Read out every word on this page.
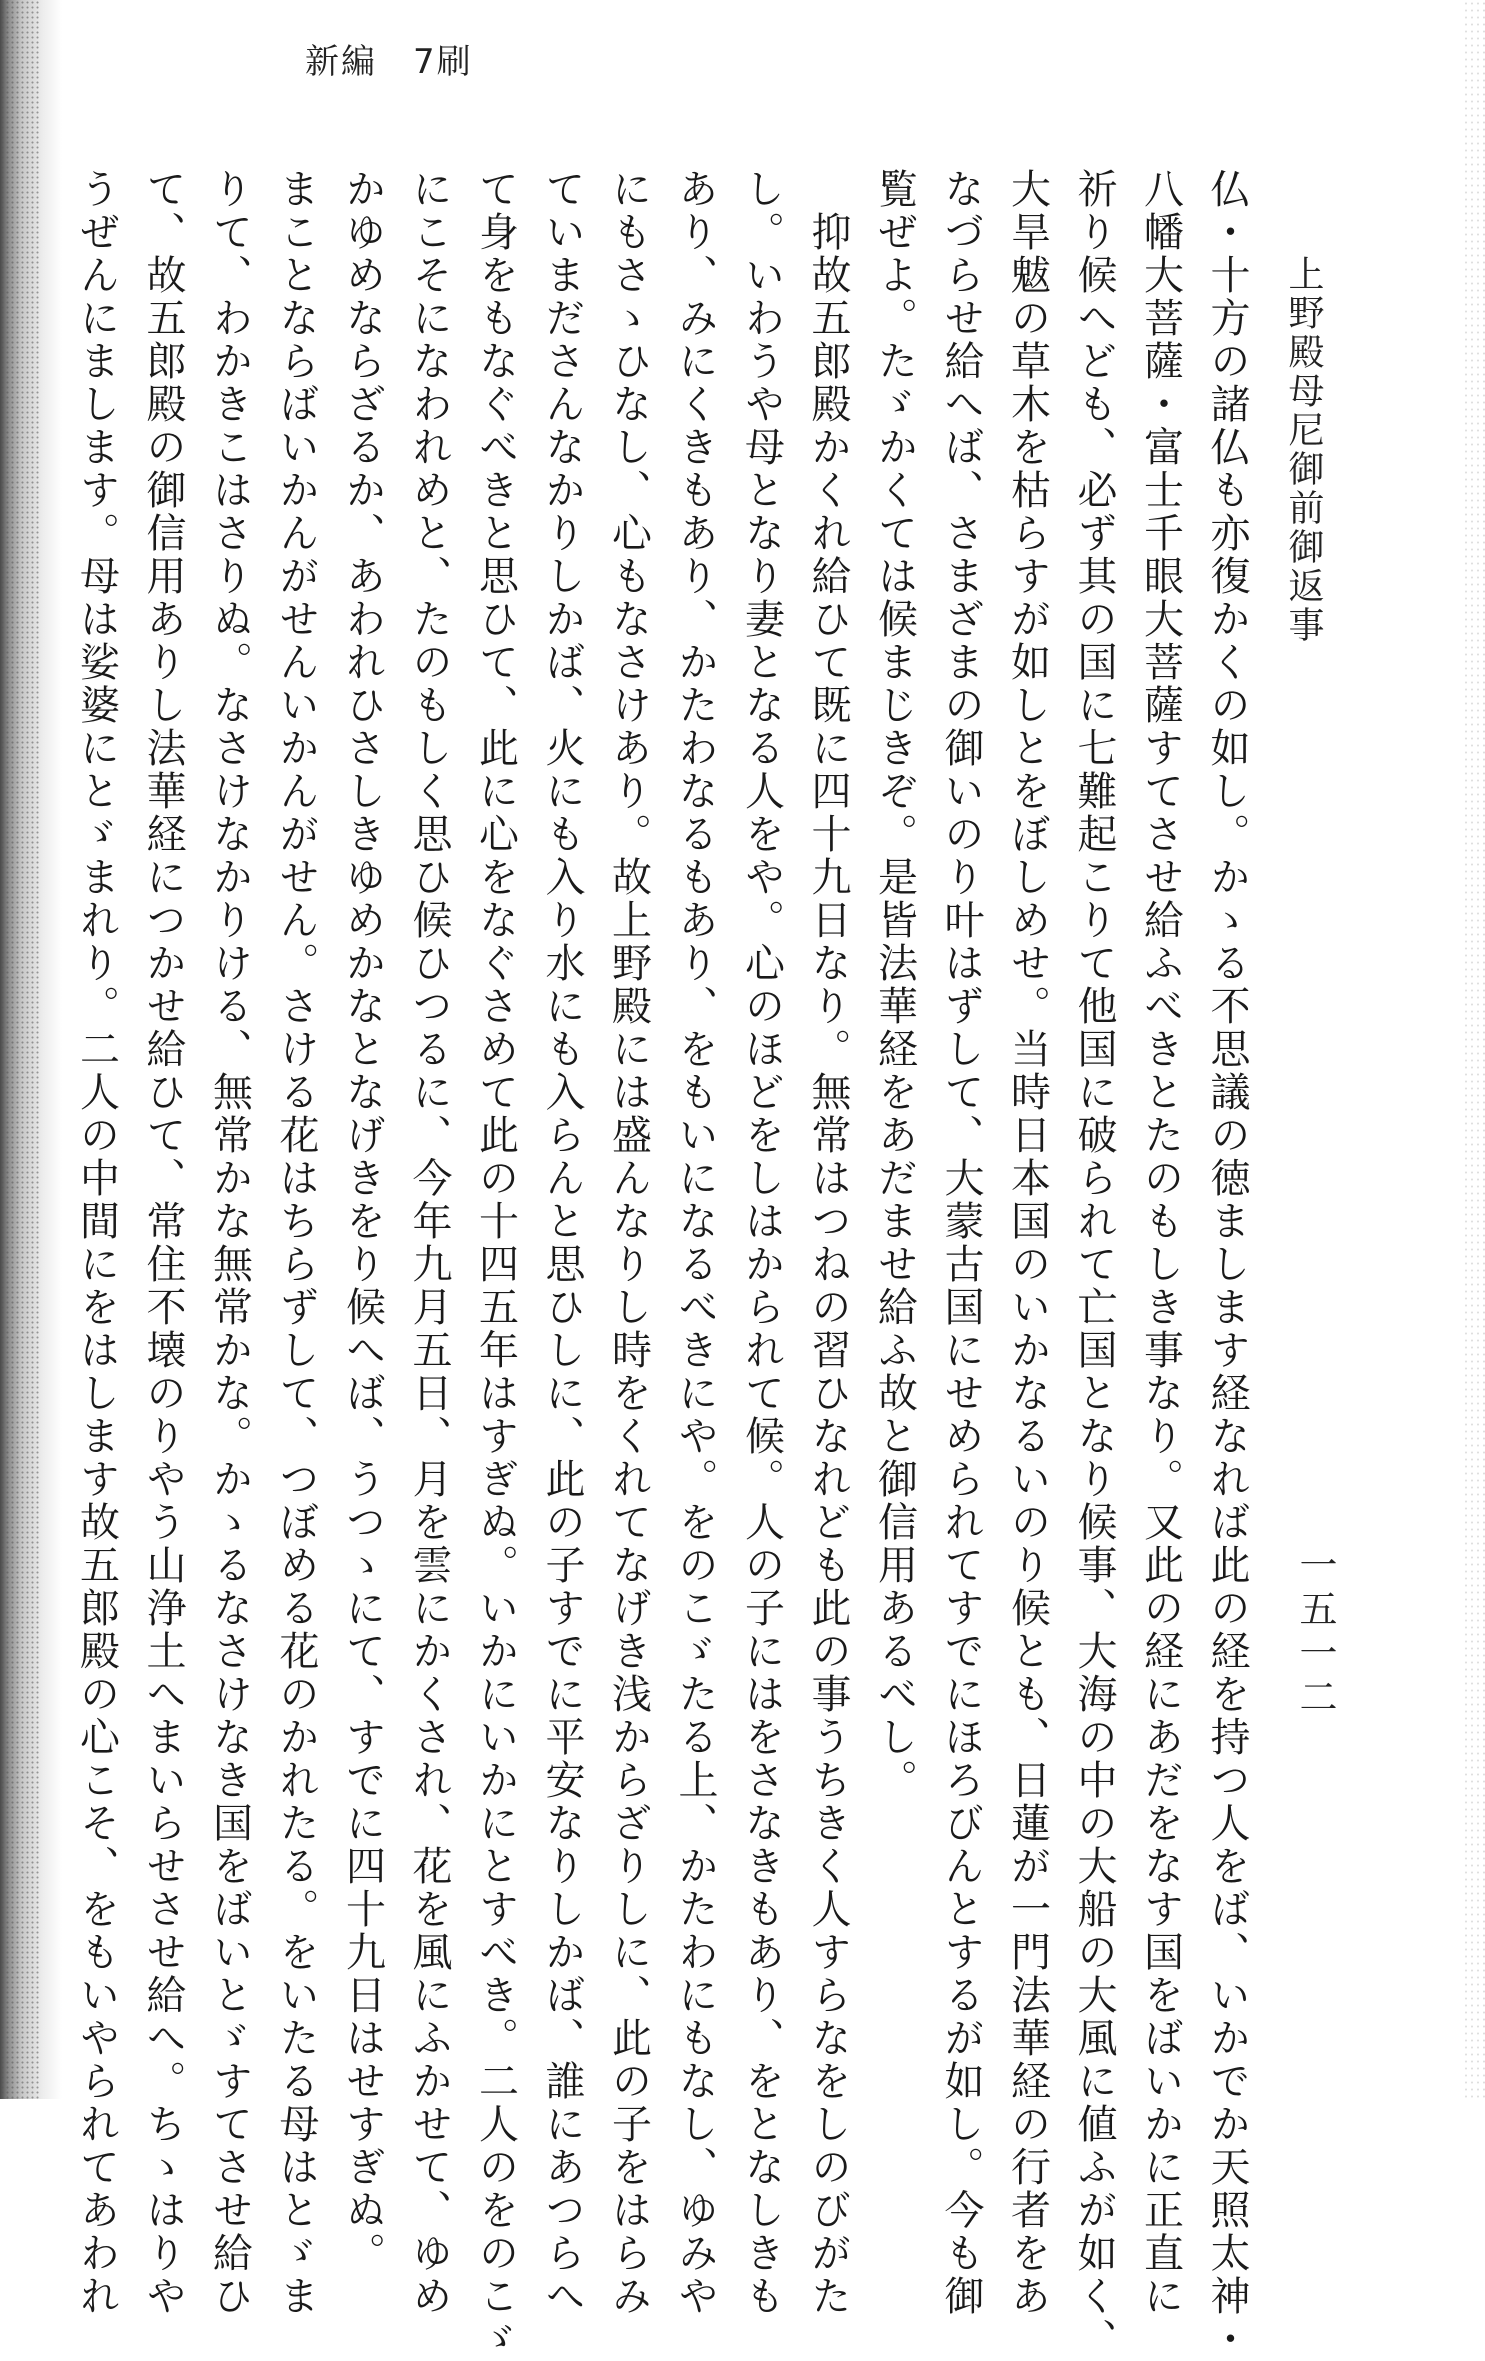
新編　7刷
上野殿母尼御前御返事
一五一二
仏・十方の諸仏も亦復かくの如し。かゝる不思議の徳まします経なれば此の経を持つ人をば、いかでか天照太神・
八幡大菩薩・富士千眼大菩薩すてさせ給ふべきとたのもしき事なり。又此の経にあだをなす国をばいかに正直に
祈り候へども、必ず其の国に七難起こりて他国に破られて亡国となり候事、大海の中の大船の大風に値ふが如く、
大旱魃の草木を枯らすが如しとをぼしめせ。当時日本国のいかなるいのり候とも、日蓮が一門法華経の行者をあ
なづらせ給へば、さまざまの御いのり叶はずして、大蒙古国にせめられてすでにほろびんとするが如し。今も御
覧ぜよ。たゞかくては候まじきぞ。是皆法華経をあだませ給ふ故と御信用あるべし。
　抑故五郎殿かくれ給ひて既に四十九日なり。無常はつねの習ひなれども此の事うちきく人すらなをしのびがた
し。いわうや母となり妻となる人をや。心のほどをしはかられて候。人の子にはをさなきもあり、をとなしきも
あり、みにくきもあり、かたわなるもあり、をもいになるべきにや。をのこゞたる上、かたわにもなし、ゆみや
にもさゝひなし、心もなさけあり。故上野殿には盛んなりし時をくれてなげき浅からざりしに、此の子をはらみ
ていまださんなかりしかば、火にも入り水にも入らんと思ひしに、此の子すでに平安なりしかば、誰にあつらへ
て身をもなぐべきと思ひて、此に心をなぐさめて此の十四五年はすぎぬ。いかにいかにとすべき。二人のをのこゞ
にこそになわれめと、たのもしく思ひ候ひつるに、今年九月五日、月を雲にかくされ、花を風にふかせて、ゆめ
かゆめならざるか、あわれひさしきゆめかなとなげきをり候へば、うつゝにて、すでに四十九日はせすぎぬ。
まことならばいかんがせんいかんがせん。さける花はちらずして、つぼめる花のかれたる。をいたる母はとゞま
りて、わかきこはさりぬ。なさけなかりける、無常かな無常かな。かゝるなさけなき国をばいとゞすてさせ給ひ
て、故五郎殿の御信用ありし法華経につかせ給ひて、常住不壊のりやう山浄土へまいらせさせ給へ。ちゝはりや
うぜんにまします。母は娑婆にとゞまれり。二人の中間にをはします故五郎殿の心こそ、をもいやられてあわれ
